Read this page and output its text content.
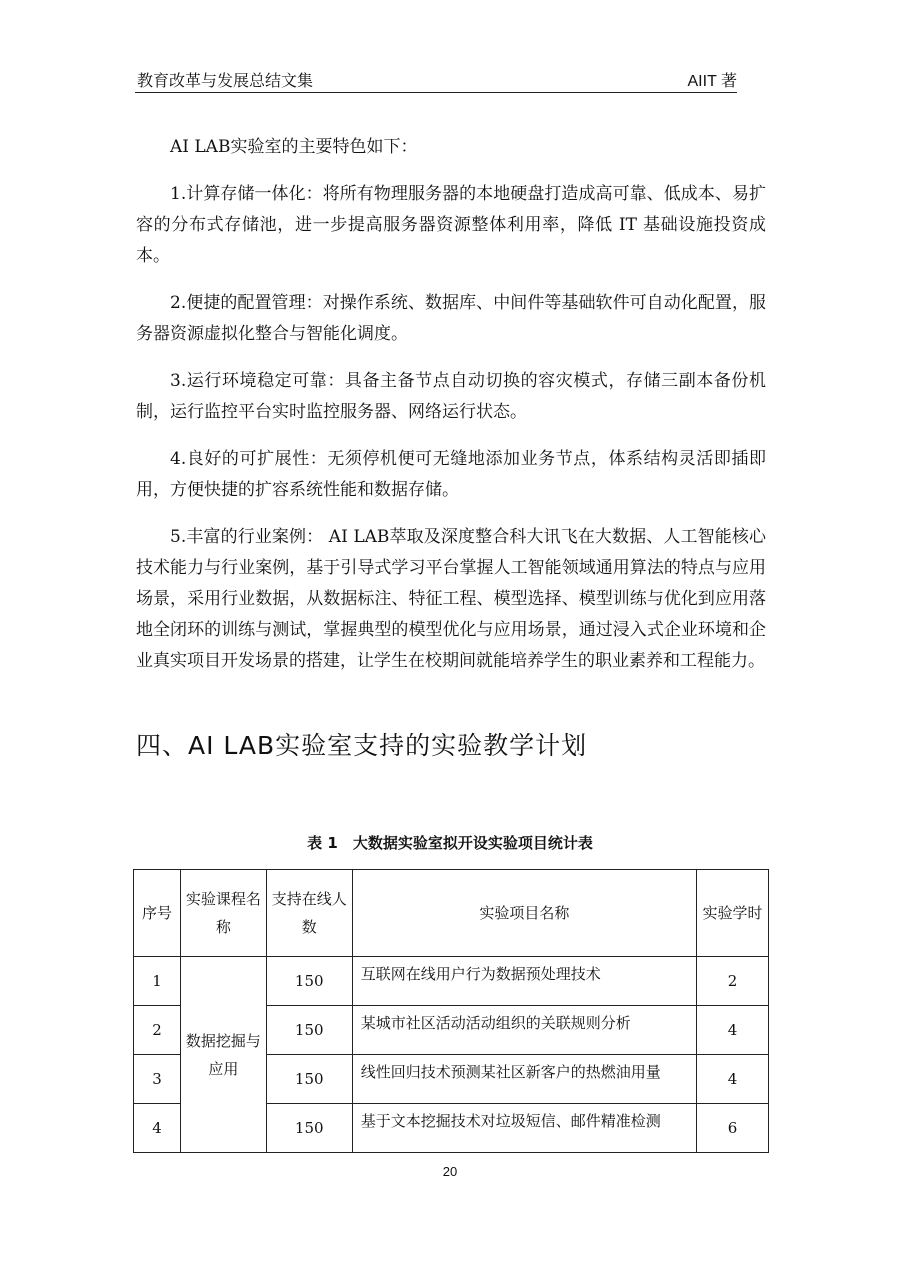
教育改革与发展总结文集	AIIT 著

AI LAB实验室的主要特色如下：

1.计算存储一体化：将所有物理服务器的本地硬盘打造成高可靠、低成本、易扩容的分布式存储池，进一步提高服务器资源整体利用率，降低 IT 基础设施投资成本。

2.便捷的配置管理：对操作系统、数据库、中间件等基础软件可自动化配置，服务器资源虚拟化整合与智能化调度。

3.运行环境稳定可靠：具备主备节点自动切换的容灾模式，存储三副本备份机制，运行监控平台实时监控服务器、网络运行状态。

4.良好的可扩展性：无须停机便可无缝地添加业务节点，体系结构灵活即插即用，方便快捷的扩容系统性能和数据存储。

5.丰富的行业案例： AI LAB萃取及深度整合科大讯飞在大数据、人工智能核心技术能力与行业案例，基于引导式学习平台掌握人工智能领域通用算法的特点与应用场景，采用行业数据，从数据标注、特征工程、模型选择、模型训练与优化到应用落地全闭环的训练与测试，掌握典型的模型优化与应用场景，通过浸入式企业环境和企业真实项目开发场景的搭建，让学生在校期间就能培养学生的职业素养和工程能力。

四、AI LAB实验室支持的实验教学计划
表 1　大数据实验室拟开设实验项目统计表
序号	实验课程名称	支持在线人数	实验项目名称	实验学时
1	数据挖掘与应用	150	互联网在线用户行为数据预处理技术	2
2		150	某城市社区活动活动组织的关联规则分析	4
3		150	线性回归技术预测某社区新客户的热燃油用量	4
4		150	基于文本挖掘技术对垃圾短信、邮件精准检测	6
20
